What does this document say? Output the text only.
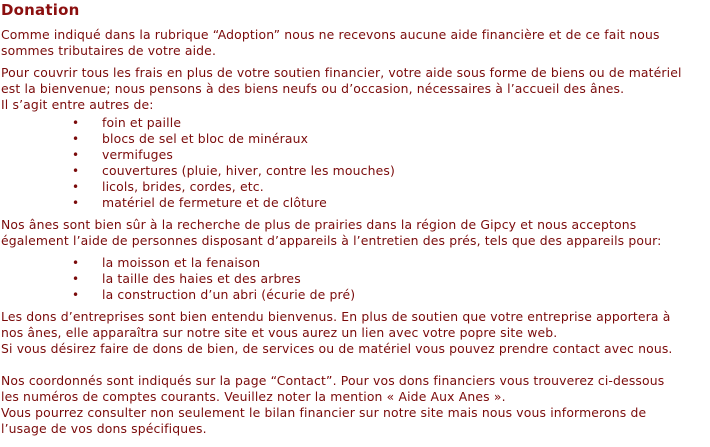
Donation

Comme indiqué dans la rubrique “Adoption” nous ne recevons aucune aide financière et de ce fait nous
sommes tributaires de votre aide.

Pour couvrir tous les frais en plus de votre soutien financier, votre aide sous forme de biens ou de matériel
est la bienvenue; nous pensons à des biens neufs ou d’occasion, nécessaires à l’accueil des ânes.
Il s’agit entre autres de:

• foin et paille
• blocs de sel et bloc de minéraux
• vermifuges
• couvertures (pluie, hiver, contre les mouches)
• licols, brides, cordes, etc.
• matériel de fermeture et de clôture

Nos ânes sont bien sûr à la recherche de plus de prairies dans la région de Gipcy et nous acceptons
également l’aide de personnes disposant d’appareils à l’entretien des prés, tels que des appareils pour:

• la moisson et la fenaison
• la taille des haies et des arbres
• la construction d’un abri (écurie de pré)

Les dons d’entreprises sont bien entendu bienvenus. En plus de soutien que votre entreprise apportera à
nos ânes, elle apparaîtra sur notre site et vous aurez un lien avec votre popre site web.
Si vous désirez faire de dons de bien, de services ou de matériel vous pouvez prendre contact avec nous.

Nos coordonnés sont indiqués sur la page “Contact”. Pour vos dons financiers vous trouverez ci-dessous
les numéros de comptes courants. Veuillez noter la mention « Aide Aux Anes ».
Vous pourrez consulter non seulement le bilan financier sur notre site mais nous vous informerons de
l’usage de vos dons spécifiques.
